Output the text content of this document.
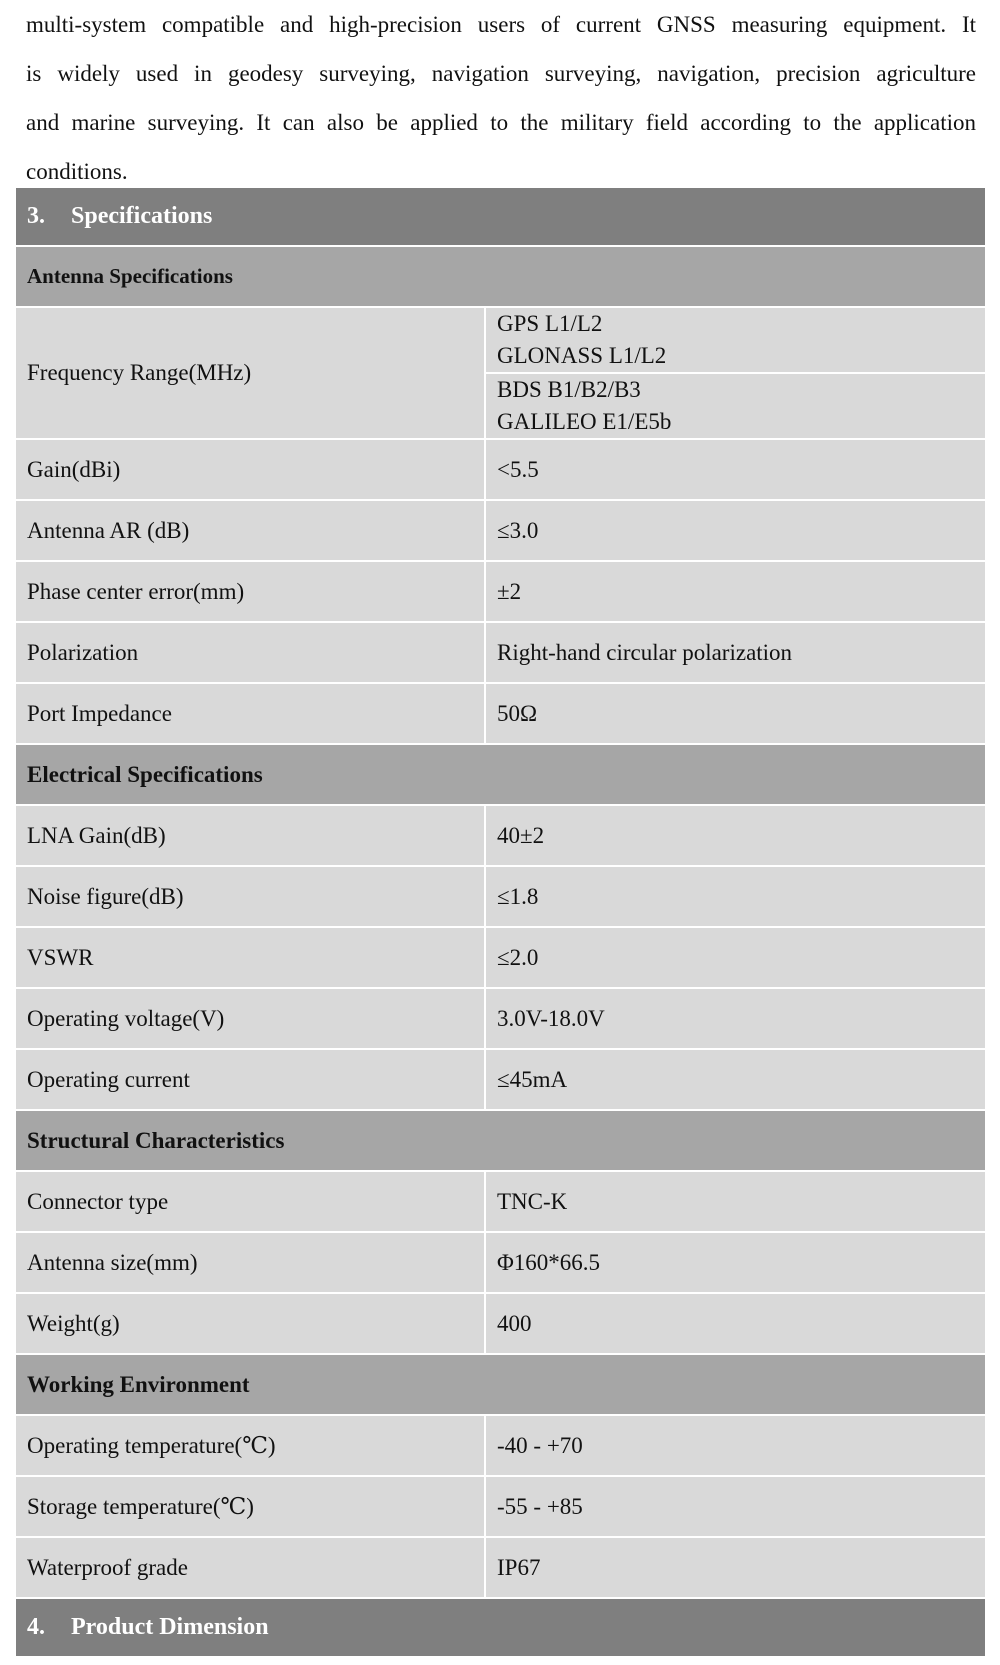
multi-system compatible and high-precision users of current GNSS measuring equipment. It
is widely used in geodesy surveying, navigation surveying, navigation, precision agriculture
and marine surveying. It can also be applied to the military field according to the application
conditions.
3. Specifications	
Antenna Specifications	
Frequency Range(MHz)	GPS L1/L2
GLONASS L1/L2

	BDS B1/B2/B3
GALILEO E1/E5b

Gain(dBi)	<5.5
Antenna AR (dB)	≤3.0
Phase center error(mm)	±2
Polarization	Right-hand circular polarization
Port Impedance	50Ω
Electrical Specifications	
LNA Gain(dB)	40±2
Noise figure(dB)	≤1.8
VSWR	≤2.0
Operating voltage(V)	3.0V-18.0V
Operating current	≤45mA
Structural Characteristics	
Connector type	TNC-K
Antenna size(mm)	Φ160*66.5
Weight(g)	400
Working Environment	
Operating temperature(℃)	-40 - +70
Storage temperature(℃)	-55 - +85
Waterproof grade	IP67
4. Product Dimension	
